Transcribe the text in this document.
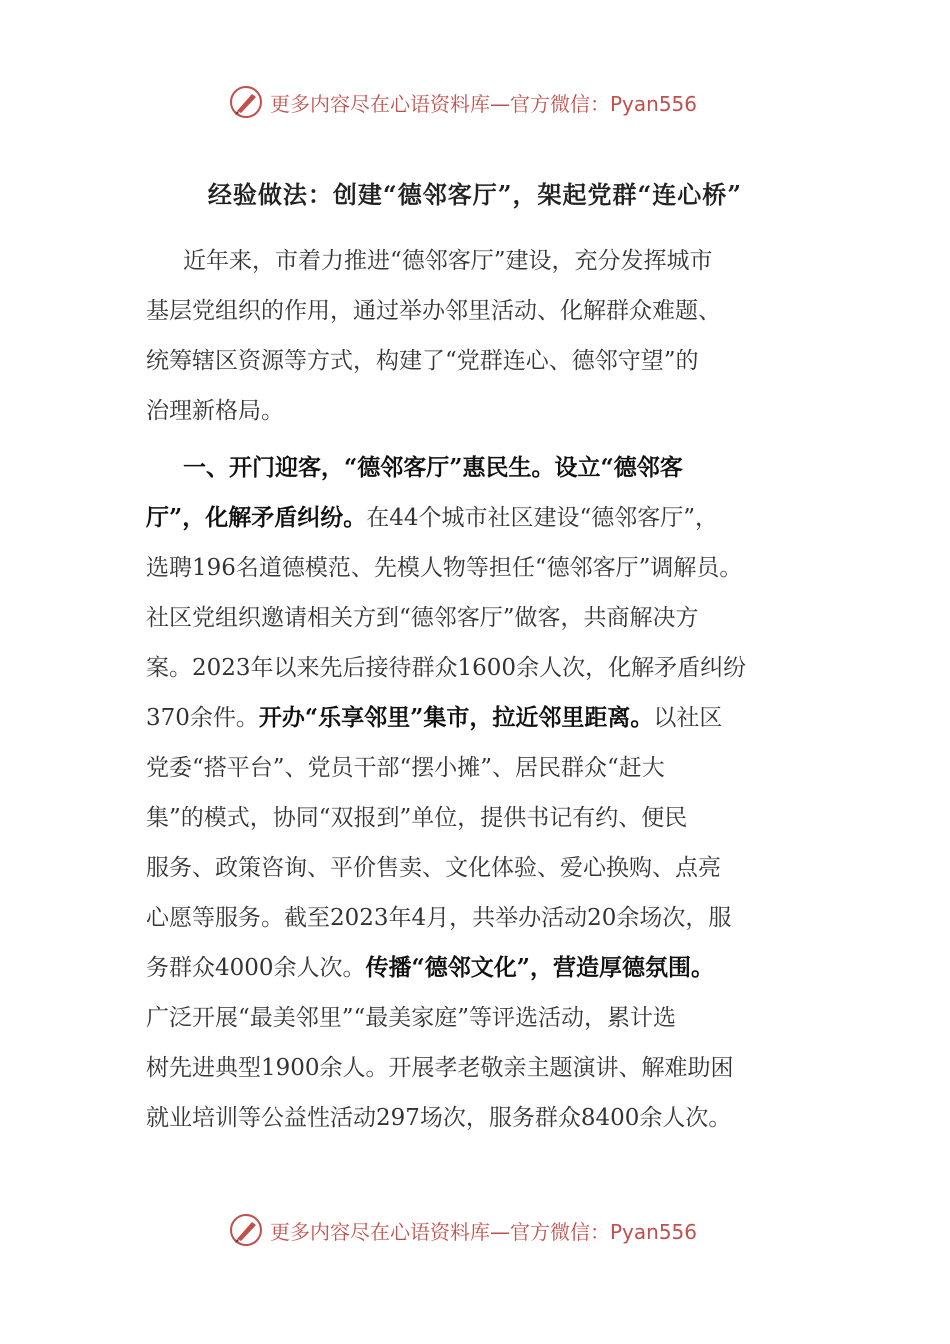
更多内容尽在心语资料库—官方微信：Pyan556
经验做法：创建“德邻客厅”，架起党群“连心桥”
近年来，市着力推进“德邻客厅”建设，充分发挥城市
基层党组织的作用，通过举办邻里活动、化解群众难题、
统筹辖区资源等方式，构建了“党群连心、德邻守望”的
治理新格局。
一、开门迎客，“德邻客厅”惠民生。设立“德邻客
厅”，化解矛盾纠纷。在44个城市社区建设“德邻客厅”，
选聘196名道德模范、先模人物等担任“德邻客厅”调解员。
社区党组织邀请相关方到“德邻客厅”做客，共商解决方
案。2023年以来先后接待群众1600余人次，化解矛盾纠纷
370余件。开办“乐享邻里”集市，拉近邻里距离。以社区
党委“搭平台”、党员干部“摆小摊”、居民群众“赶大
集”的模式，协同“双报到”单位，提供书记有约、便民
服务、政策咨询、平价售卖、文化体验、爱心换购、点亮
心愿等服务。截至2023年4月，共举办活动20余场次，服
务群众4000余人次。传播“德邻文化”，营造厚德氛围。
广泛开展“最美邻里”“最美家庭”等评选活动，累计选
树先进典型1900余人。开展孝老敬亲主题演讲、解难助困
就业培训等公益性活动297场次，服务群众8400余人次。
更多内容尽在心语资料库—官方微信：Pyan556
